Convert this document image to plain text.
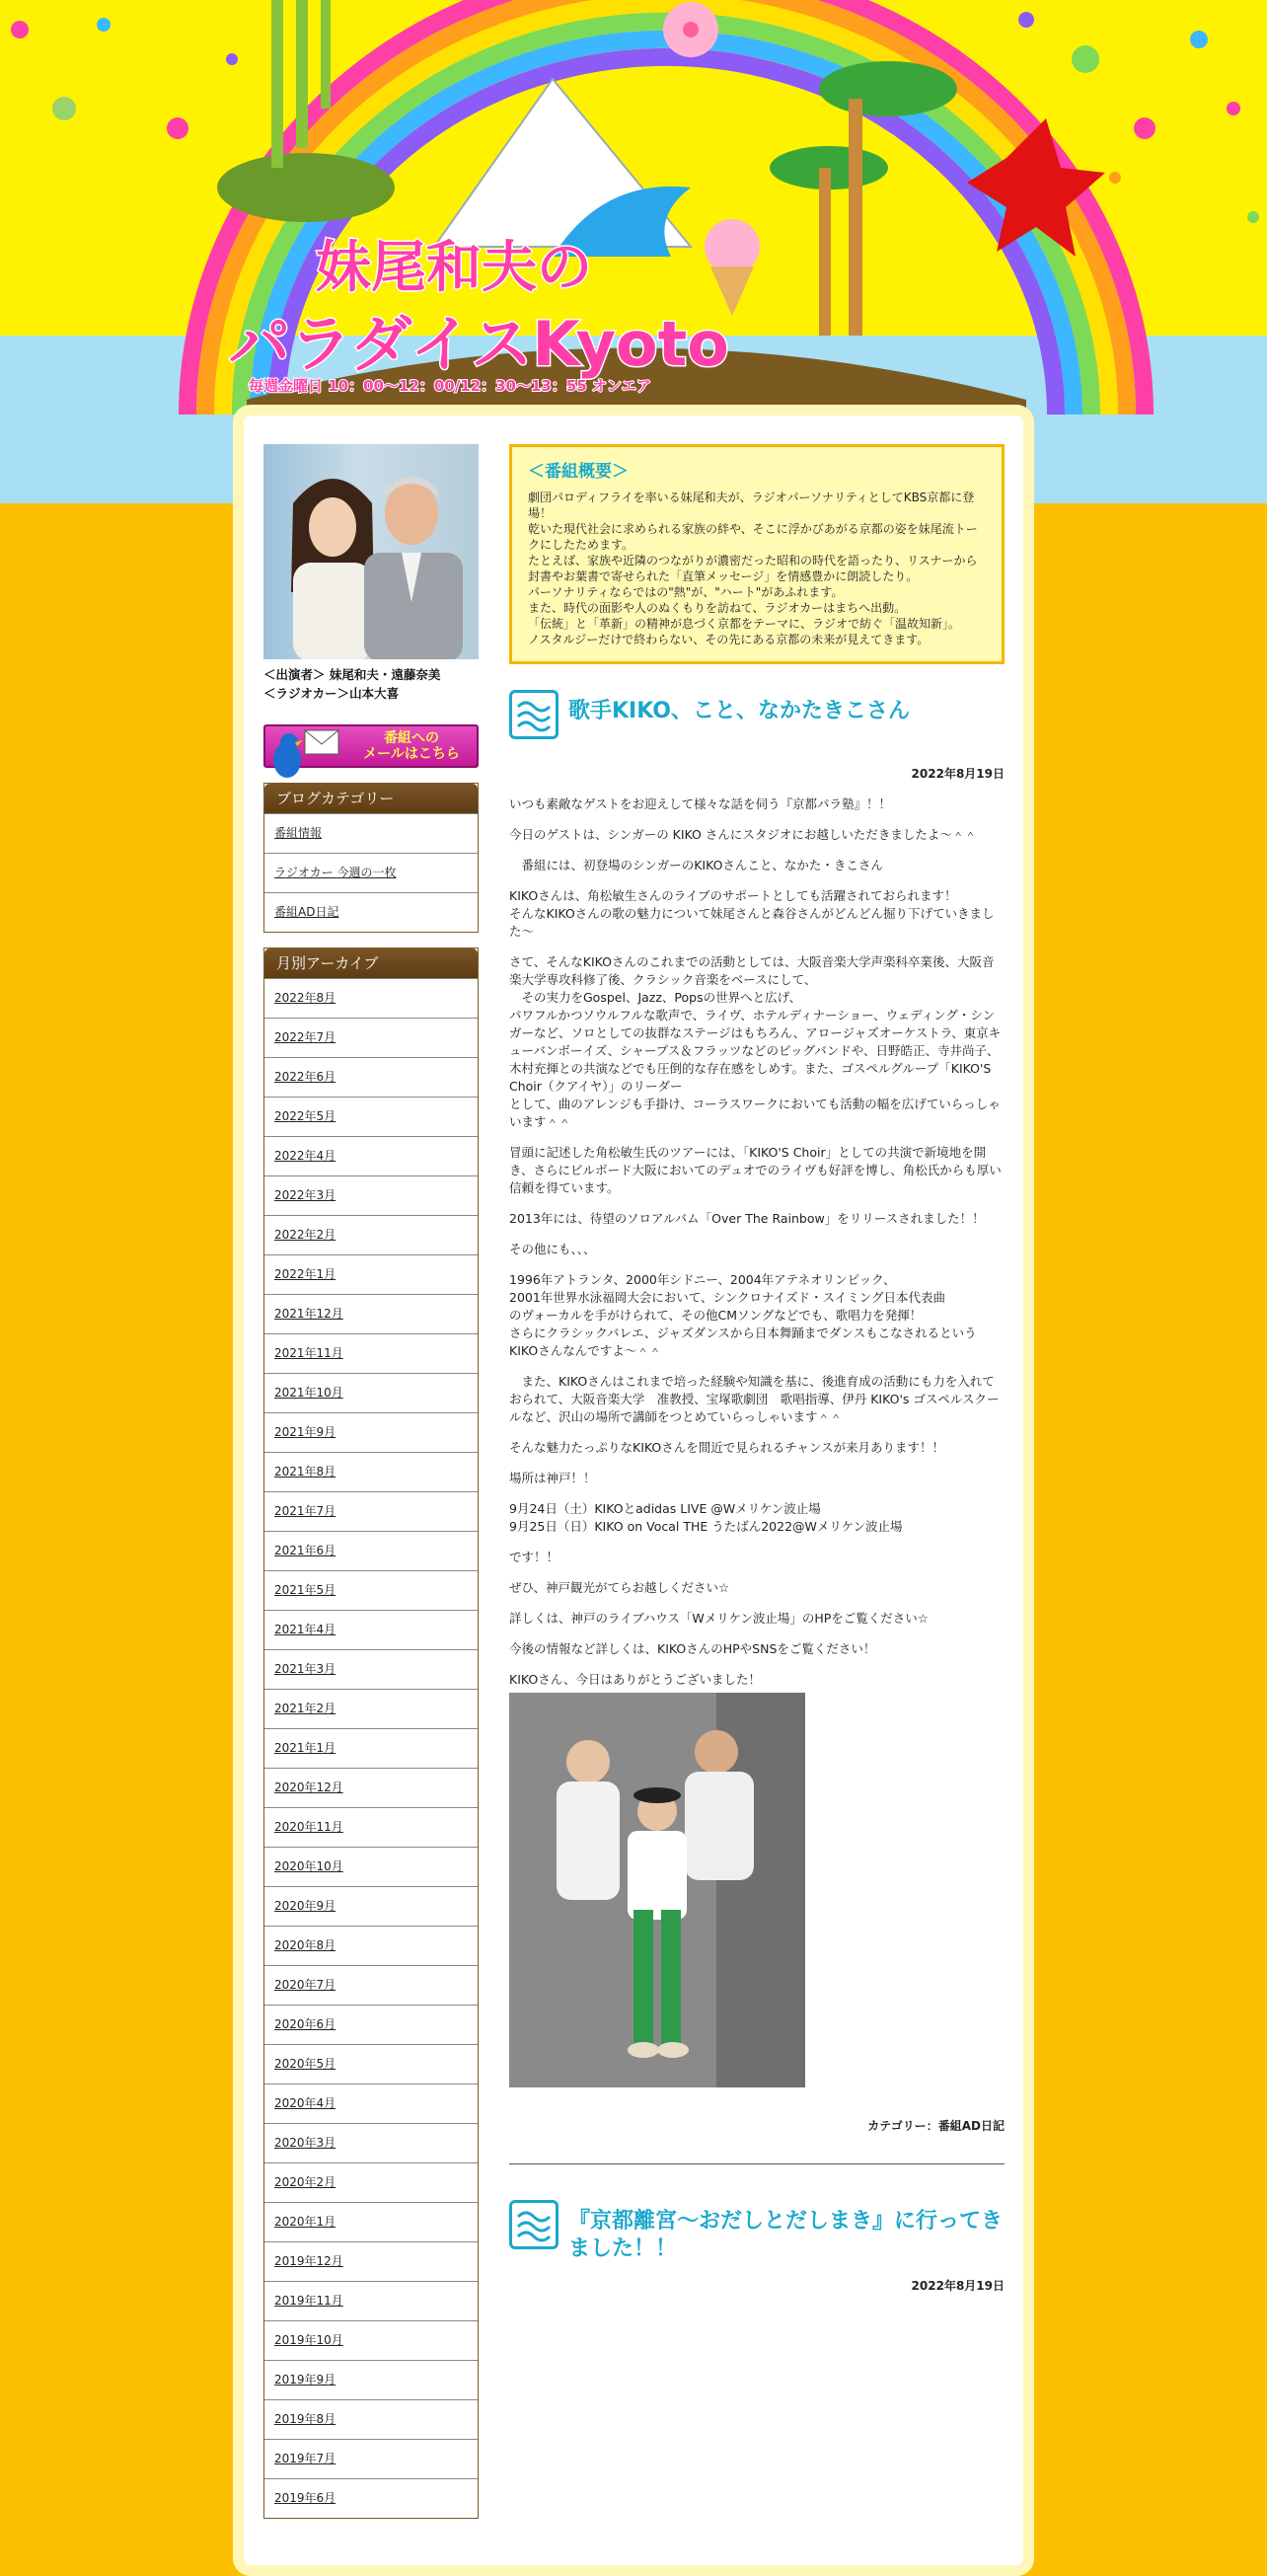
妹尾和夫の
パラダイスKyoto
毎週金曜日 10：00～12：00/12：30～13：55 オンエア
＜出演者＞ 妹尾和夫・遠藤奈美
＜ラジオカー＞山本大喜
番組への
メールはこちら
ブログカテゴリー
番組情報
ラジオカー 今週の一枚
番組AD日記
月別アーカイブ
2022年8月
2022年7月
2022年6月
2022年5月
2022年4月
2022年3月
2022年2月
2022年1月
2021年12月
2021年11月
2021年10月
2021年9月
2021年8月
2021年7月
2021年6月
2021年5月
2021年4月
2021年3月
2021年2月
2021年1月
2020年12月
2020年11月
2020年10月
2020年9月
2020年8月
2020年7月
2020年6月
2020年5月
2020年4月
2020年3月
2020年2月
2020年1月
2019年12月
2019年11月
2019年10月
2019年9月
2019年8月
2019年7月
2019年6月
＜番組概要＞

劇団パロディフライを率いる妹尾和夫が、ラジオパーソナリティとしてKBS京都に登場！

乾いた現代社会に求められる家族の絆や、そこに浮かびあがる京都の姿を妹尾流トークにしたためます。

たとえば、家族や近隣のつながりが濃密だった昭和の時代を語ったり、リスナーから封書やお葉書で寄せられた「直筆メッセージ」を情感豊かに朗読したり。

パーソナリティならではの"熱"が、"ハート"があふれます。

また、時代の面影や人のぬくもりを訪ねて、ラジオカーはまちへ出動。

「伝統」と「革新」の精神が息づく京都をテーマに、ラジオで紡ぐ「温故知新」。

ノスタルジーだけで終わらない、その先にある京都の未来が見えてきます。

歌手KIKO、こと、なかたきこさん
2022年8月19日

いつも素敵なゲストをお迎えして様々な話を伺う『京都パラ塾』！！

今日のゲストは、シンガーの KIKO さんにスタジオにお越しいただきましたよ～＾＾

　番組には、初登場のシンガーのKIKOさんこと、なかた・きこさん

KIKOさんは、角松敏生さんのライブのサポートとしても活躍されておられます！
そんなKIKOさんの歌の魅力について妹尾さんと森谷さんがどんどん掘り下げていきました～

さて、そんなKIKOさんのこれまでの活動としては、大阪音楽大学声楽科卒業後、大阪音楽大学専攻科修了後、クラシック音楽をベースにして、
　その実力をGospel、Jazz、Popsの世界へと広げ、
パワフルかつソウルフルな歌声で、ライヴ、ホテルディナーショー、ウェディング・シンガーなど、ソロとしての抜群なステージはもちろん、アロージャズオーケストラ、東京キューバンボーイズ、シャープス＆フラッツなどのビッグバンドや、日野皓正、寺井尚子、木村充揮との共演などでも圧倒的な存在感をしめす。また、ゴスペルグループ「KIKO'S Choir（クアイヤ）」のリーダー
として、曲のアレンジも手掛け、コーラスワークにおいても活動の幅を広げていらっしゃいます＾＾

冒頭に記述した角松敏生氏のツアーには、「KIKO'S Choir」としての共演で新境地を開き、さらにビルボード大阪においてのデュオでのライヴも好評を博し、角松氏からも厚い信頼を得ています。

2013年には、待望のソロアルバム「Over The Rainbow」をリリースされました！！

その他にも、、、

1996年アトランタ、2000年シドニー、2004年アテネオリンピック、
2001年世界水泳福岡大会において、シンクロナイズド・スイミング日本代表曲
のヴォーカルを手がけられて、その他CMソングなどでも、歌唱力を発揮！
さらにクラシックバレエ、ジャズダンスから日本舞踊までダンスもこなされるというKIKOさんなんですよ～＾＾

　また、KIKOさんはこれまで培った経験や知識を基に、後進育成の活動にも力を入れておられて、大阪音楽大学　准教授、宝塚歌劇団　歌唱指導、伊丹 KIKO's ゴスペルスクールなど、沢山の場所で講師をつとめていらっしゃいます＾＾

そんな魅力たっぷりなKIKOさんを間近で見られるチャンスが来月あります！！

場所は神戸！！

9月24日（土）KIKOとadidas LIVE @Wメリケン波止場
9月25日（日）KIKO on Vocal THE うたばん2022@Wメリケン波止場

です！！

ぜひ、神戸観光がてらお越しください☆

詳しくは、神戸のライブハウス「Wメリケン波止場」のHPをご覧ください☆

今後の情報など詳しくは、KIKOさんのHPやSNSをご覧ください！

KIKOさん、今日はありがとうございました！

カテゴリー：番組AD日記
『京都離宮〜おだしとだしまき』に行ってきました！！
2022年8月19日
